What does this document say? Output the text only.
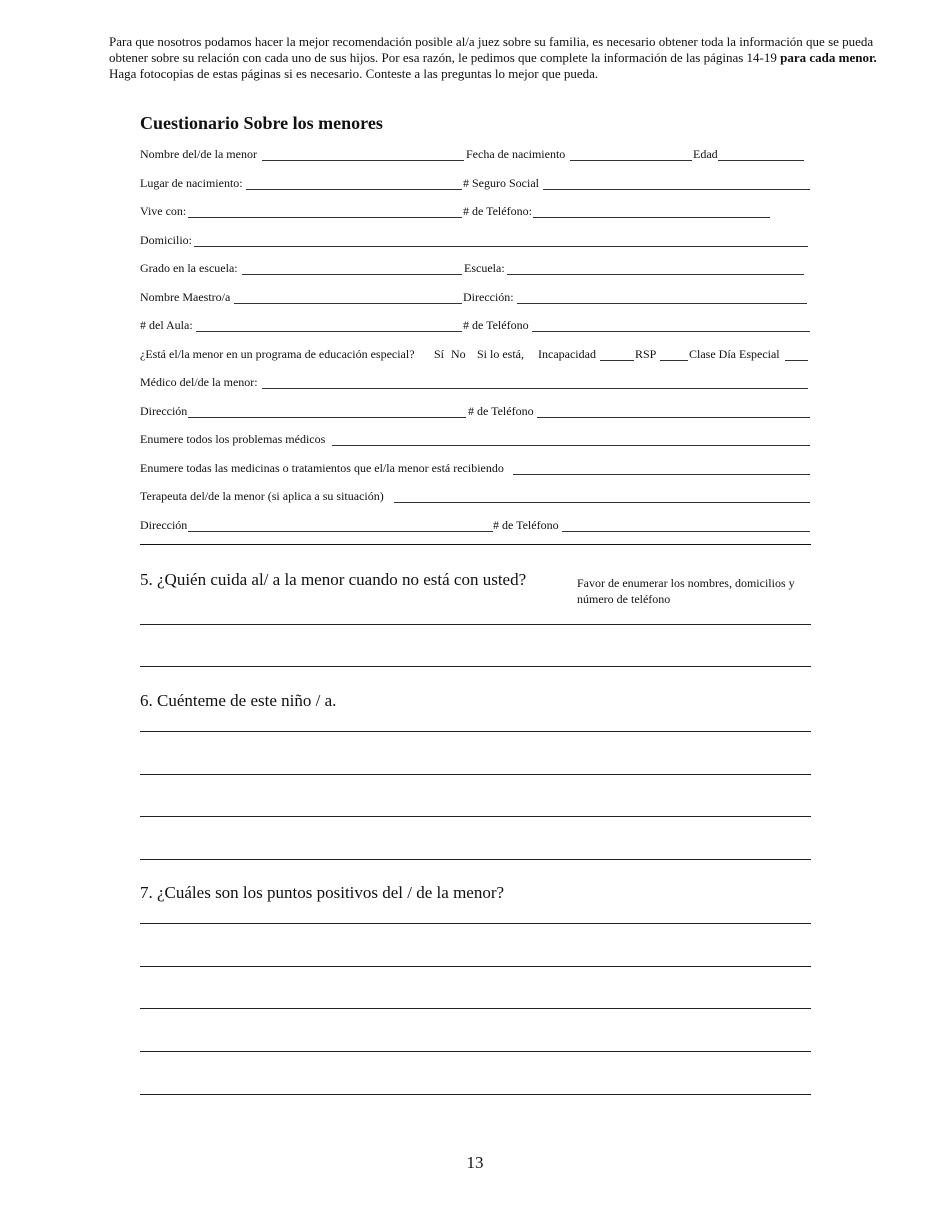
Para que nosotros podamos hacer la mejor recomendación posible al/a juez sobre su familia, es necesario obtener toda la información que se pueda obtener sobre su relación con cada uno de sus hijos. Por esa razón, le pedimos que complete la información de las páginas 14-19 para cada menor. Haga fotocopias de estas páginas si es necesario. Conteste a las preguntas lo mejor que pueda.
Cuestionario Sobre los menores
Nombre del/de la menor	Fecha de nacimiento	Edad
Lugar de nacimiento:	# Seguro Social
Vive con:	# de Teléfono:
Domicilio:
Grado en la escuela:	Escuela:
Nombre Maestro/a	Dirección:
# del Aula:	# de Teléfono
¿Está el/la menor en un programa de educación especial? Sí No Si lo está, Incapacidad	RSP	Clase Día Especial
Médico del/de la menor:
Dirección	# de Teléfono
Enumere todos los problemas médicos
Enumere todas las medicinas o tratamientos que el/la menor está recibiendo
Terapeuta del/de la menor (si aplica a su situación)
Dirección	# de Teléfono
5. ¿Quién cuida al/ a la menor cuando no está con usted?	Favor de enumerar los nombres, domicilios y número de teléfono
6. Cuénteme de este niño / a.
7. ¿Cuáles son los puntos positivos del / de la menor?
13
